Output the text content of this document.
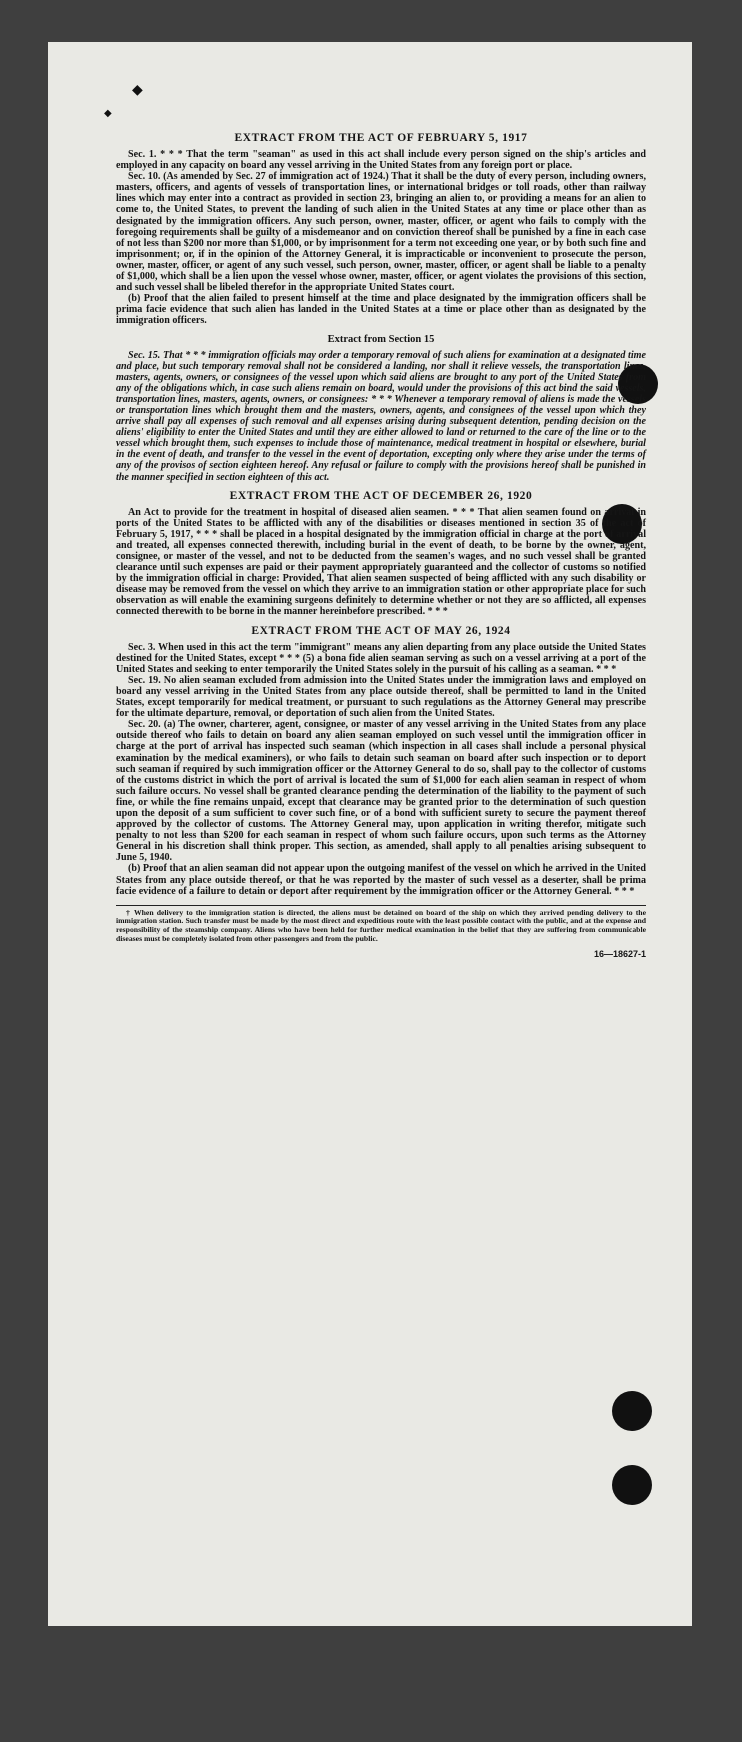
◆
◆
EXTRACT FROM THE ACT OF FEBRUARY 5, 1917

Sec. 1. * * * That the term "seaman" as used in this act shall include every person signed on the ship's articles and employed in any capacity on board any vessel arriving in the United States from any foreign port or place.

Sec. 10. (As amended by Sec. 27 of immigration act of 1924.) That it shall be the duty of every person, including owners, masters, officers, and agents of vessels of transportation lines, or international bridges or toll roads, other than railway lines which may enter into a contract as provided in section 23, bringing an alien to, or providing a means for an alien to come to, the United States, to prevent the landing of such alien in the United States at any time or place other than as designated by the immigration officers. Any such person, owner, master, officer, or agent who fails to comply with the foregoing requirements shall be guilty of a misdemeanor and on conviction thereof shall be punished by a fine in each case of not less than $200 nor more than $1,000, or by imprisonment for a term not exceeding one year, or by both such fine and imprisonment; or, if in the opinion of the Attorney General, it is impracticable or inconvenient to prosecute the person, owner, master, officer, or agent of any such vessel, such person, owner, master, officer, or agent shall be liable to a penalty of $1,000, which shall be a lien upon the vessel whose owner, master, officer, or agent violates the provisions of this section, and such vessel shall be libeled therefor in the appropriate United States court.

(b) Proof that the alien failed to present himself at the time and place designated by the immigration officers shall be prima facie evidence that such alien has landed in the United States at a time or place other than as designated by the immigration officers.

Extract from Section 15

Sec. 15. That * * * immigration officials may order a temporary removal of such aliens for examination at a designated time and place, but such temporary removal shall not be considered a landing, nor shall it relieve vessels, the transportation lines, masters, agents, owners, or consignees of the vessel upon which said aliens are brought to any port of the United States from any of the obligations which, in case such aliens remain on board, would under the provisions of this act bind the said vessels, transportation lines, masters, agents, owners, or consignees: * * * Whenever a temporary removal of aliens is made the vessels or transportation lines which brought them and the masters, owners, agents, and consignees of the vessel upon which they arrive shall pay all expenses of such removal and all expenses arising during subsequent detention, pending decision on the aliens' eligibility to enter the United States and until they are either allowed to land or returned to the care of the line or to the vessel which brought them, such expenses to include those of maintenance, medical treatment in hospital or elsewhere, burial in the event of death, and transfer to the vessel in the event of deportation, excepting only where they arise under the terms of any of the provisos of section eighteen hereof. Any refusal or failure to comply with the provisions hereof shall be punished in the manner specified in section eighteen of this act.

EXTRACT FROM THE ACT OF DECEMBER 26, 1920

An Act to provide for the treatment in hospital of diseased alien seamen. * * * That alien seamen found on arrival in ports of the United States to be afflicted with any of the disabilities or diseases mentioned in section 35 of the act of February 5, 1917, * * * shall be placed in a hospital designated by the immigration official in charge at the port of arrival and treated, all expenses connected therewith, including burial in the event of death, to be borne by the owner, agent, consignee, or master of the vessel, and not to be deducted from the seamen's wages, and no such vessel shall be granted clearance until such expenses are paid or their payment appropriately guaranteed and the collector of customs so notified by the immigration official in charge: Provided, That alien seamen suspected of being afflicted with any such disability or disease may be removed from the vessel on which they arrive to an immigration station or other appropriate place for such observation as will enable the examining surgeons definitely to determine whether or not they are so afflicted, all expenses connected therewith to be borne in the manner hereinbefore prescribed. * * *

EXTRACT FROM THE ACT OF MAY 26, 1924

Sec. 3. When used in this act the term "immigrant" means any alien departing from any place outside the United States destined for the United States, except * * * (5) a bona fide alien seaman serving as such on a vessel arriving at a port of the United States and seeking to enter temporarily the United States solely in the pursuit of his calling as a seaman. * * *

Sec. 19. No alien seaman excluded from admission into the United States under the immigration laws and employed on board any vessel arriving in the United States from any place outside thereof, shall be permitted to land in the United States, except temporarily for medical treatment, or pursuant to such regulations as the Attorney General may prescribe for the ultimate departure, removal, or deportation of such alien from the United States.

Sec. 20. (a) The owner, charterer, agent, consignee, or master of any vessel arriving in the United States from any place outside thereof who fails to detain on board any alien seaman employed on such vessel until the immigration officer in charge at the port of arrival has inspected such seaman (which inspection in all cases shall include a personal physical examination by the medical examiners), or who fails to detain such seaman on board after such inspection or to deport such seaman if required by such immigration officer or the Attorney General to do so, shall pay to the collector of customs of the customs district in which the port of arrival is located the sum of $1,000 for each alien seaman in respect of whom such failure occurs. No vessel shall be granted clearance pending the determination of the liability to the payment of such fine, or while the fine remains unpaid, except that clearance may be granted prior to the determination of such question upon the deposit of a sum sufficient to cover such fine, or of a bond with sufficient surety to secure the payment thereof approved by the collector of customs. The Attorney General may, upon application in writing therefor, mitigate such penalty to not less than $200 for each seaman in respect of whom such failure occurs, upon such terms as the Attorney General in his discretion shall think proper. This section, as amended, shall apply to all penalties arising subsequent to June 5, 1940.

(b) Proof that an alien seaman did not appear upon the outgoing manifest of the vessel on which he arrived in the United States from any place outside thereof, or that he was reported by the master of such vessel as a deserter, shall be prima facie evidence of a failure to detain or deport after requirement by the immigration officer or the Attorney General. * * *

† When delivery to the immigration station is directed, the aliens must be detained on board of the ship on which they arrived pending delivery to the immigration station. Such transfer must be made by the most direct and expeditious route with the least possible contact with the public, and at the expense and responsibility of the steamship company. Aliens who have been held for further medical examination in the belief that they are suffering from communicable diseases must be completely isolated from other passengers and from the public.

16—18627-1
